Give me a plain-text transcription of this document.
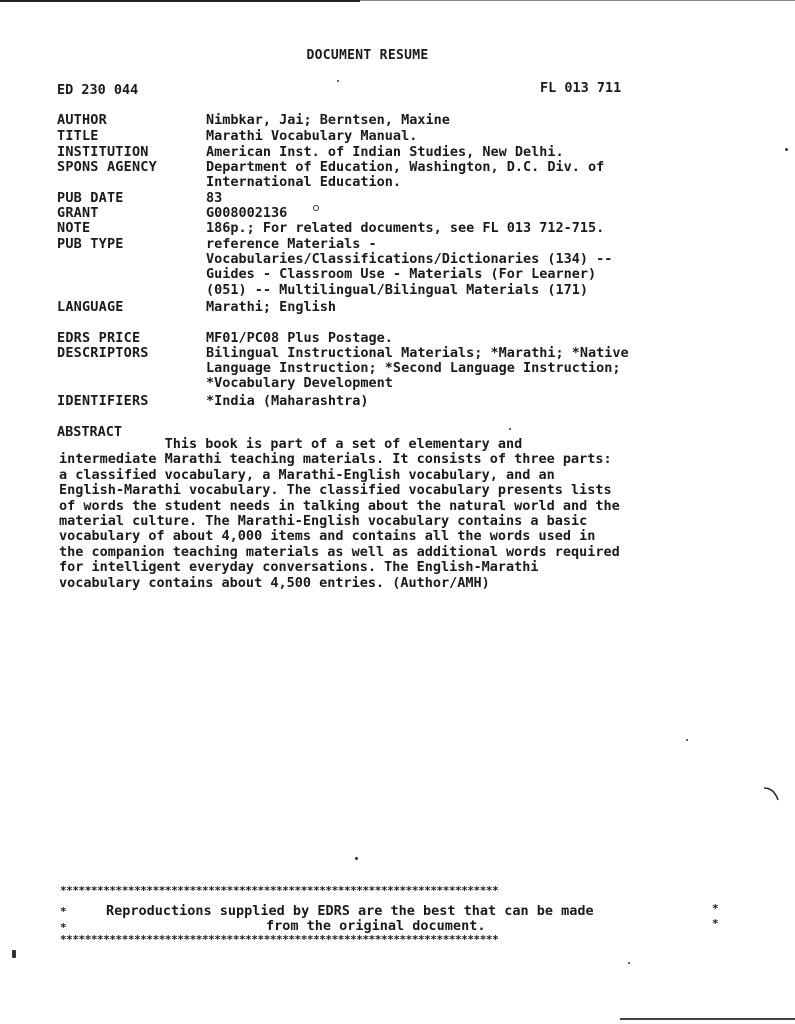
DOCUMENT RESUME
ED 230 044	FL 013 711
AUTHOR	Nimbkar, Jai; Berntsen, Maxine
TITLE	Marathi Vocabulary Manual.
INSTITUTION	American Inst. of Indian Studies, New Delhi.
SPONS AGENCY	Department of Education, Washington, D.C. Div. of
International Education.
PUB DATE	83
GRANT	G008002136
NOTE	186p.; For related documents, see FL 013 712-715.
PUB TYPE	reference Materials -
Vocabularies/Classifications/Dictionaries (134) --
Guides - Classroom Use - Materials (For Learner)
(051) -- Multilingual/Bilingual Materials (171)
LANGUAGE	Marathi; English
EDRS PRICE	MF01/PC08 Plus Postage.
DESCRIPTORS	Bilingual Instructional Materials; *Marathi; *Native
Language Instruction; *Second Language Instruction;
*Vocabulary Development
IDENTIFIERS	*India (Maharashtra)
ABSTRACT
This book is part of a set of elementary and
intermediate Marathi teaching materials. It consists of three parts:
a classified vocabulary, a Marathi-English vocabulary, and an
English-Marathi vocabulary. The classified vocabulary presents lists
of words the student needs in talking about the natural world and the
material culture. The Marathi-English vocabulary contains a basic
vocabulary of about 4,000 items and contains all the words used in
the companion teaching materials as well as additional words required
for intelligent everyday conversations. The English-Marathi
vocabulary contains about 4,500 entries. (Author/AMH)
***********************************************************************
*	Reproductions supplied by EDRS are the best that can be made	*
*	from the original document.	*
***********************************************************************
